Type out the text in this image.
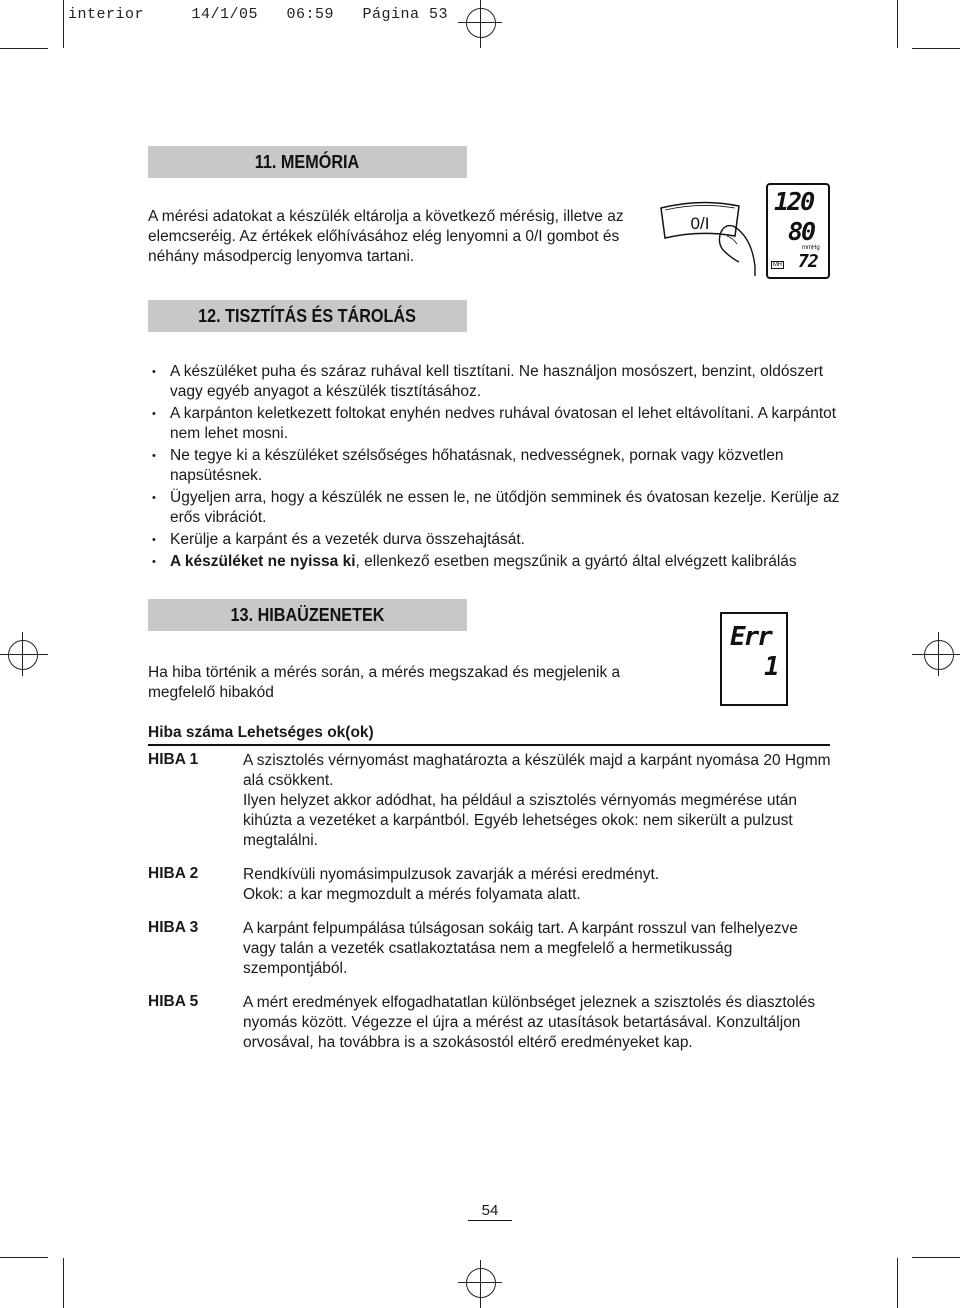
interior     14/1/05   06:59   Página 53
11. MEMÓRIA
A mérési adatokat a készülék eltárolja a következő mérésig, illetve az elemcseréig. Az értékek előhívásához elég lenyomni a 0/I gombot és néhány másodpercig lenyomva tartani.
0/I
120
80
mmHg
MR 72
12. TISZTÍTÁS ÉS TÁROLÁS
• A készüléket puha és száraz ruhával kell tisztítani. Ne használjon mosószert, benzint, oldószert vagy egyéb anyagot a készülék tisztításához.
• A karpánton keletkezett foltokat enyhén nedves ruhával óvatosan el lehet eltávolítani. A karpántot nem lehet mosni.
• Ne tegye ki a készüléket szélsőséges hőhatásnak, nedvességnek, pornak vagy közvetlen napsütésnek.
• Ügyeljen arra, hogy a készülék ne essen le, ne ütődjön semminek és óvatosan kezelje. Kerülje az erős vibrációt.
• Kerülje a karpánt és a vezeték durva összehajtását.
• A készüléket ne nyissa ki, ellenkező esetben megszűnik a gyártó által elvégzett kalibrálás
13. HIBAÜZENETEK
Ha hiba történik a mérés során, a mérés megszakad és megjelenik a megfelelő hibakód
Err
1
Hiba száma Lehetséges ok(ok)
HIBA 1	A szisztolés vérnyomást maghatározta a készülék majd a karpánt nyomása 20 Hgmm alá csökkent.

Ilyen helyzet akkor adódhat, ha például a szisztolés vérnyomás megmérése után kihúzta a vezetéket a karpántból. Egyéb lehetséges okok: nem sikerült a pulzust megtalálni.

HIBA 2	Rendkívüli nyomásimpulzusok zavarják a mérési eredményt.

Okok: a kar megmozdult a mérés folyamata alatt.

HIBA 3	A karpánt felpumpálása túlságosan sokáig tart. A karpánt rosszul van felhelyezve vagy talán a vezeték csatlakoztatása nem a megfelelő a hermetikusság szempontjából.

HIBA 5	A mért eredmények elfogadhatatlan különbséget jeleznek a szisztolés és diasztolés nyomás között. Végezze el újra a mérést az utasítások betartásával. Konzultáljon orvosával, ha továbbra is a szokásostól eltérő eredményeket kap.

54
